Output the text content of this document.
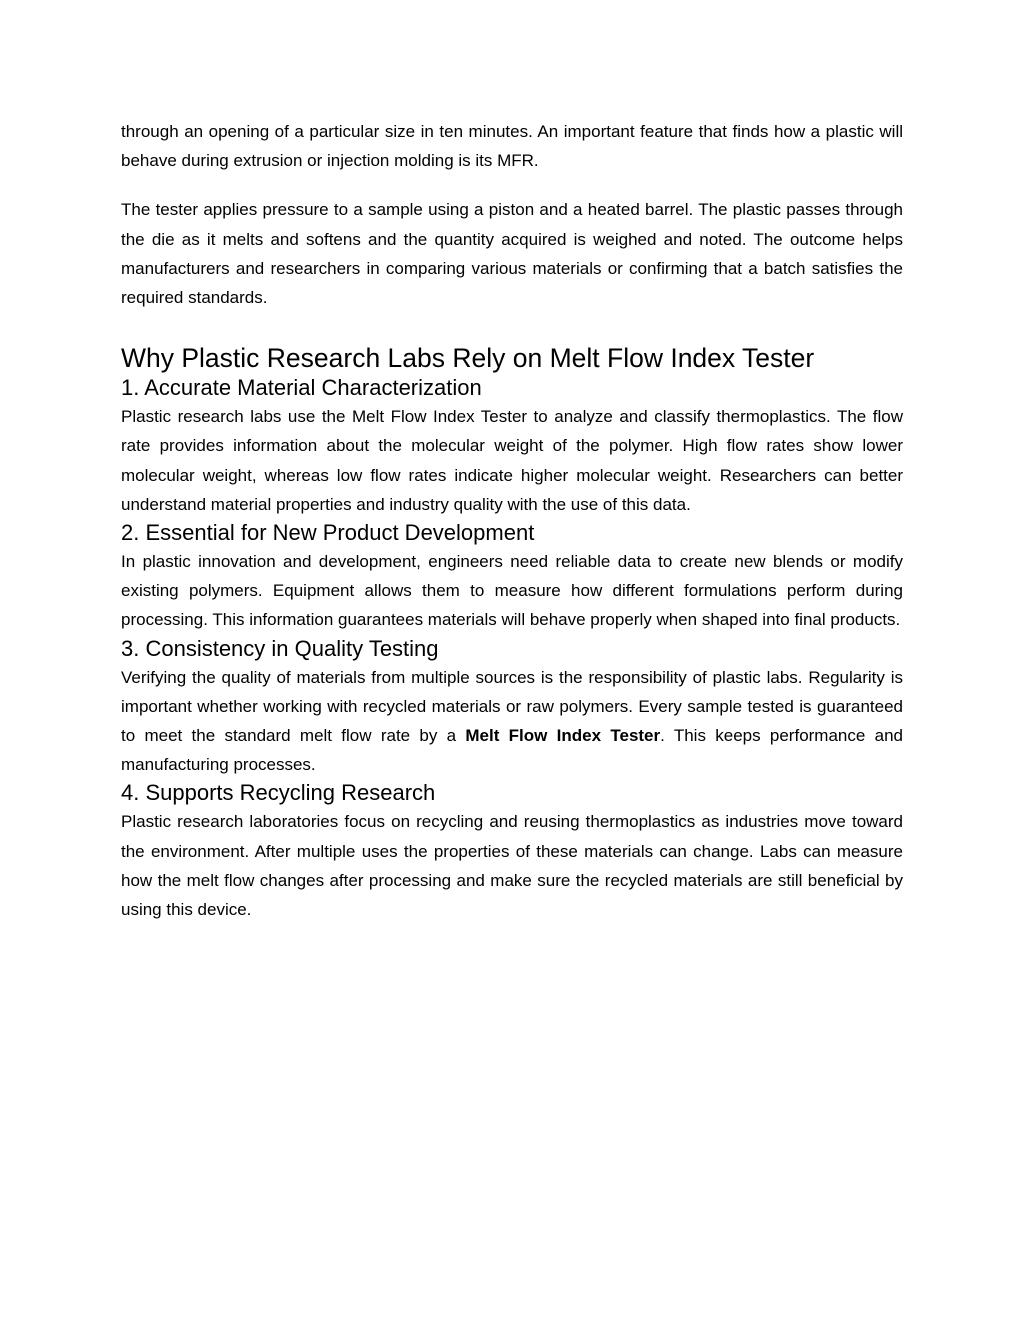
through an opening of a particular size in ten minutes. An important feature that finds how a plastic will behave during extrusion or injection molding is its MFR.

The tester applies pressure to a sample using a piston and a heated barrel. The plastic passes through the die as it melts and softens and the quantity acquired is weighed and noted. The outcome helps manufacturers and researchers in comparing various materials or confirming that a batch satisfies the required standards.

Why Plastic Research Labs Rely on Melt Flow Index Tester
1. Accurate Material Characterization

Plastic research labs use the Melt Flow Index Tester to analyze and classify thermoplastics. The flow rate provides information about the molecular weight of the polymer. High flow rates show lower molecular weight, whereas low flow rates indicate higher molecular weight. Researchers can better understand material properties and industry quality with the use of this data.

2. Essential for New Product Development

In plastic innovation and development, engineers need reliable data to create new blends or modify existing polymers. Equipment allows them to measure how different formulations perform during processing. This information guarantees materials will behave properly when shaped into final products.

3. Consistency in Quality Testing

Verifying the quality of materials from multiple sources is the responsibility of plastic labs. Regularity is important whether working with recycled materials or raw polymers. Every sample tested is guaranteed to meet the standard melt flow rate by a Melt Flow Index Tester. This keeps performance and manufacturing processes.

4. Supports Recycling Research

Plastic research laboratories focus on recycling and reusing thermoplastics as industries move toward the environment. After multiple uses the properties of these materials can change. Labs can measure how the melt flow changes after processing and make sure the recycled materials are still beneficial by using this device.
